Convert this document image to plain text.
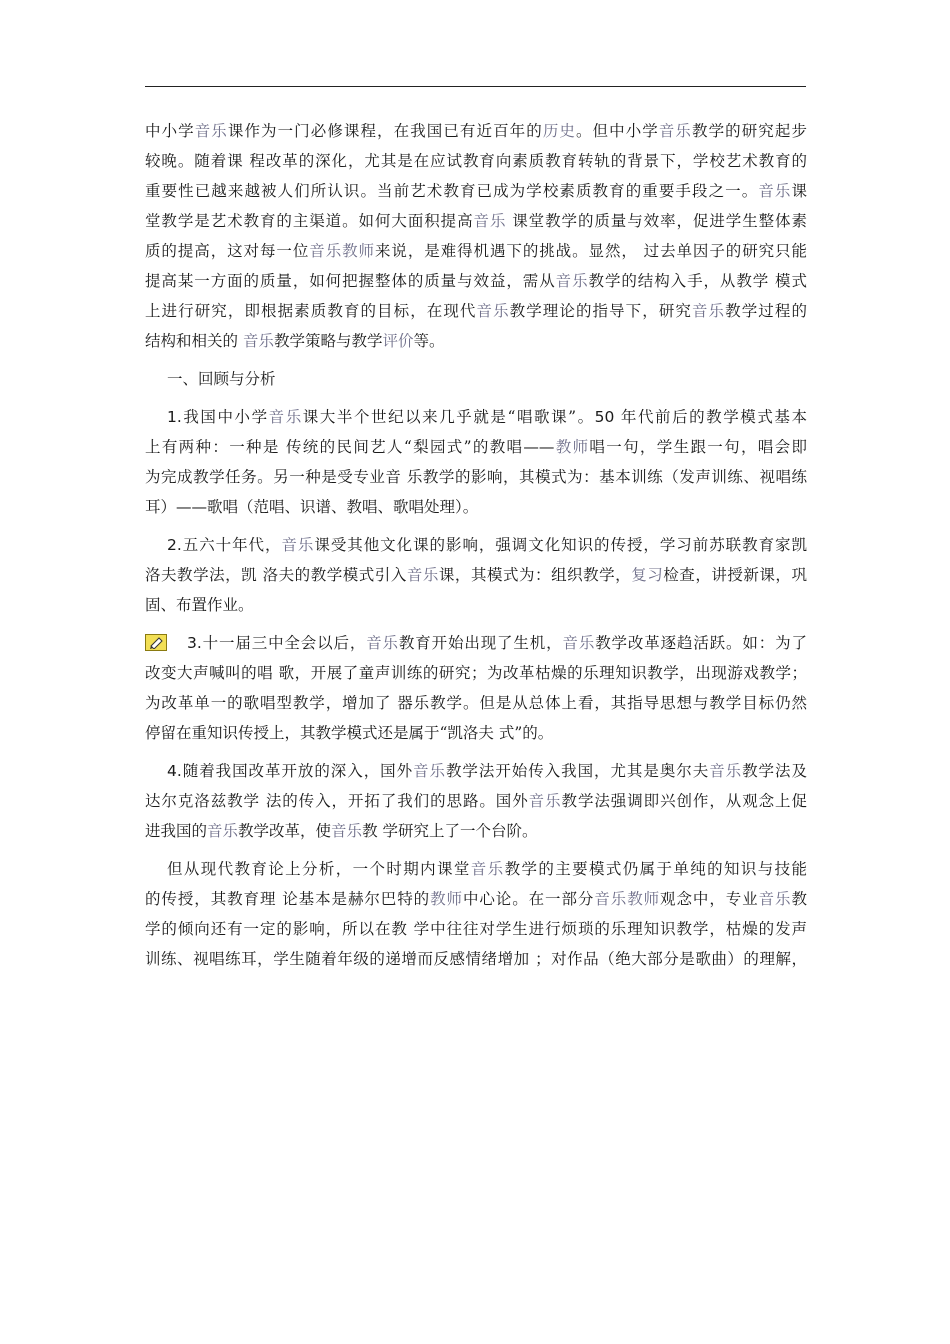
中小学音乐课作为一门必修课程，在我国已有近百年的历史。但中小学音乐教学的研究起步
较晚。随着课 程改革的深化，尤其是在应试教育向素质教育转轨的背景下，学校艺术教育的
重要性已越来越被人们所认识。当前艺术教育已成为学校素质教育的重要手段之一。音乐课
堂教学是艺术教育的主渠道。如何大面积提高音乐 课堂教学的质量与效率，促进学生整体素
质的提高，这对每一位音乐教师来说，是难得机遇下的挑战。显然， 过去单因子的研究只能
提高某一方面的质量，如何把握整体的质量与效益，需从音乐教学的结构入手，从教学 模式
上进行研究，即根据素质教育的目标，在现代音乐教学理论的指导下，研究音乐教学过程的
结构和相关的 音乐教学策略与教学评价等。
一、回顾与分析
1.我国中小学音乐课大半个世纪以来几乎就是“唱歌课”。50 年代前后的教学模式基本
上有两种：一种是 传统的民间艺人“梨园式”的教唱——教师唱一句，学生跟一句，唱会即
为完成教学任务。另一种是受专业音 乐教学的影响，其模式为：基本训练（发声训练、视唱练
耳）——歌唱（范唱、识谱、教唱、歌唱处理）。
2.五六十年代，音乐课受其他文化课的影响，强调文化知识的传授，学习前苏联教育家凯
洛夫教学法，凯 洛夫的教学模式引入音乐课，其模式为：组织教学，复习检查，讲授新课，巩
固、布置作业。
3.十一届三中全会以后，音乐教育开始出现了生机，音乐教学改革逐趋活跃。如：为了
改变大声喊叫的唱 歌，开展了童声训练的研究；为改革枯燥的乐理知识教学，出现游戏教学；
为改革单一的歌唱型教学，增加了 器乐教学。但是从总体上看，其指导思想与教学目标仍然
停留在重知识传授上，其教学模式还是属于“凯洛夫 式”的。
4.随着我国改革开放的深入，国外音乐教学法开始传入我国，尤其是奥尔夫音乐教学法及
达尔克洛兹教学 法的传入，开拓了我们的思路。国外音乐教学法强调即兴创作，从观念上促
进我国的音乐教学改革，使音乐教 学研究上了一个台阶。
但从现代教育论上分析，一个时期内课堂音乐教学的主要模式仍属于单纯的知识与技能
的传授，其教育理 论基本是赫尔巴特的教师中心论。在一部分音乐教师观念中，专业音乐教
学的倾向还有一定的影响，所以在教 学中往往对学生进行烦琐的乐理知识教学，枯燥的发声
训练、视唱练耳，学生随着年级的递增而反感情绪增加 ；对作品（绝大部分是歌曲）的理解，
